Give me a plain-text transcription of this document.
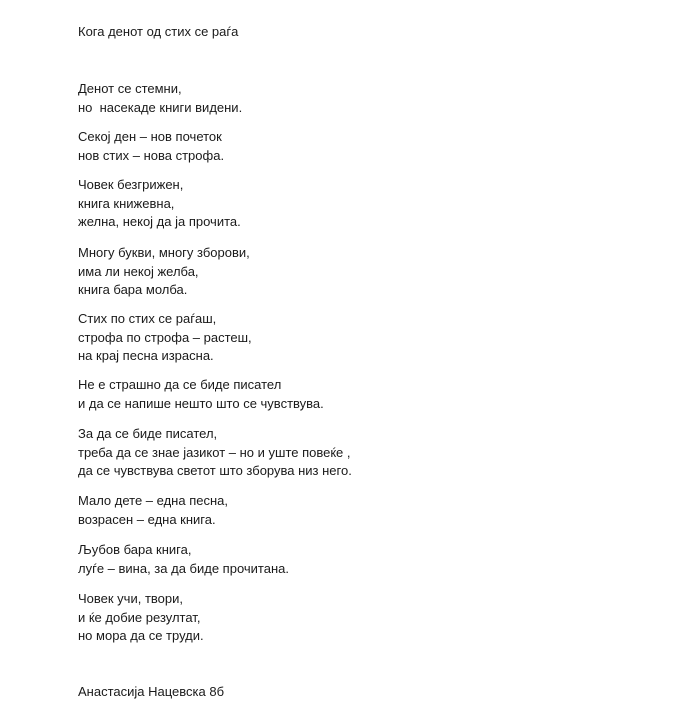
Кога денот од стих се раѓа
Денот се стемни,
но  насекаде книги видени.
Секој ден – нов почеток
нов стих – нова строфа.
Човек безгрижен,
книга книжевна,
желна, некој да ја прочита.
Многу букви, многу зборови,
има ли некој желба,
книга бара молба.
Стих по стих се раѓаш,
строфа по строфа – растеш,
на крај песна израсна.
Не е страшно да се биде писател
и да се напише нешто што се чувствува.
За да се биде писател,
треба да се знае јазикот – но и уште повеќе ,
да се чувствува светот што зборува низ него.
Мало дете – една песна,
возрасен – една книга.
Љубов бара книга,
луѓе – вина, за да биде прочитана.
Човек учи, твори,
и ќе добие резултат,
но мора да се труди.
Анастасија Нацевска 8б
